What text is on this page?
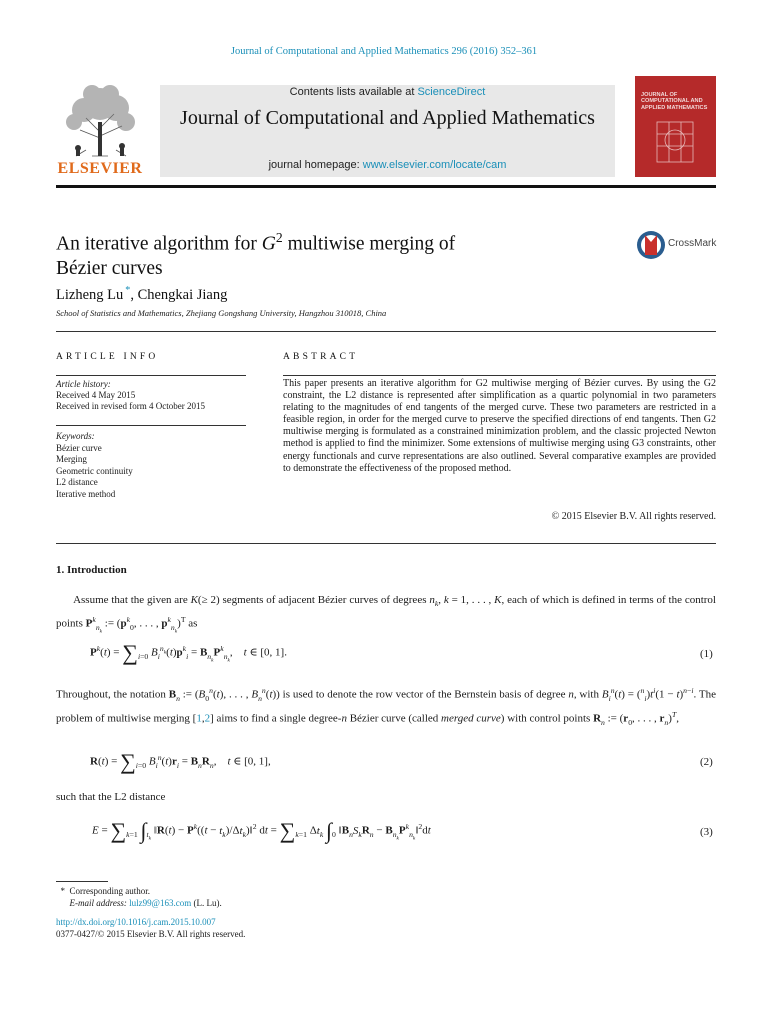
Journal of Computational and Applied Mathematics 296 (2016) 352–361
ELSEVIER
Contents lists available at ScienceDirect
Journal of Computational and Applied Mathematics
journal homepage: www.elsevier.com/locate/cam
JOURNAL OF COMPUTATIONAL AND APPLIED MATHEMATICS
An iterative algorithm for $G^2$ multiwise merging of
Bézier curves
CrossMark
Lizheng Lu *, Chengkai Jiang
School of Statistics and Mathematics, Zhejiang Gongshang University, Hangzhou 310018, China
ARTICLE INFO	ABSTRACT
Article history:
Received 4 May 2015
Received in revised form 4 October 2015
Keywords:
Bézier curve
Merging
Geometric continuity
L2 distance
Iterative method
This paper presents an iterative algorithm for G2 multiwise merging of Bézier curves. By using the G2 constraint, the L2 distance is represented after simplification as a quartic polynomial in two parameters relating to the magnitudes of end tangents of the merged curve. These two parameters are restricted in a feasible region, in order for the merged curve to preserve the specified directions of end tangents. Then G2 multiwise merging is formulated as a constrained minimization problem, and the classic projected Newton method is applied to find the minimizer. Some extensions of multiwise merging using G3 constraints, other energy functionals and curve representations are also outlined. Several comparative examples are provided to demonstrate the effectiveness of the proposed method.
© 2015 Elsevier B.V. All rights reserved.
1. Introduction
Assume that the given are K(≥ 2) segments of adjacent Bézier curves of degrees $n_k$, k = 1, . . . , K, each of which is defined in terms of the control points $P^k_{n_k}$ := ($p^k_0$, . . . , $p^k_{n_k})^T$ as
$P^k(t) = \sum_{i=0}$ $B_i^{n_k}(t)p^k_i = B_{n_k}P^k_{n_k}$,    t ∈ [0, 1].	(1)
Throughout, the notation $B_n$ := ($B_0^n(t)$, . . . , $B_n^n(t)$) is used to denote the row vector of the Bernstein basis of degree n, with $B_i^n(t) = (^n_i)t^i(1 - t)^{n-i}$. The problem of multiwise merging [1,2] aims to find a single degree-n Bézier curve (called merged curve) with control points $R_n$ := ($r_0$, . . . , $r_n)^T$,
$R(t) = \sum_{i=0}$ $B_i^n(t)r_i = B_nR_n$,    t ∈ [0, 1],	(2)
such that the L2 distance
$E = \sum_{k=1}$ $\int_{t_k}$ ‖R(t) − $P^k((t$ − $t_k)/\Delta t_k)‖^2$ dt = $\sum_{k=1}$ $\Delta t_k$ $\int_0$ $‖B_nS_kR_n$ − $B_{n_k}P^k_{n_k}‖^2dt$	(3)
*  Corresponding author.
E-mail address: lulz99@163.com (L. Lu).
http://dx.doi.org/10.1016/j.cam.2015.10.007
0377-0427/© 2015 Elsevier B.V. All rights reserved.
